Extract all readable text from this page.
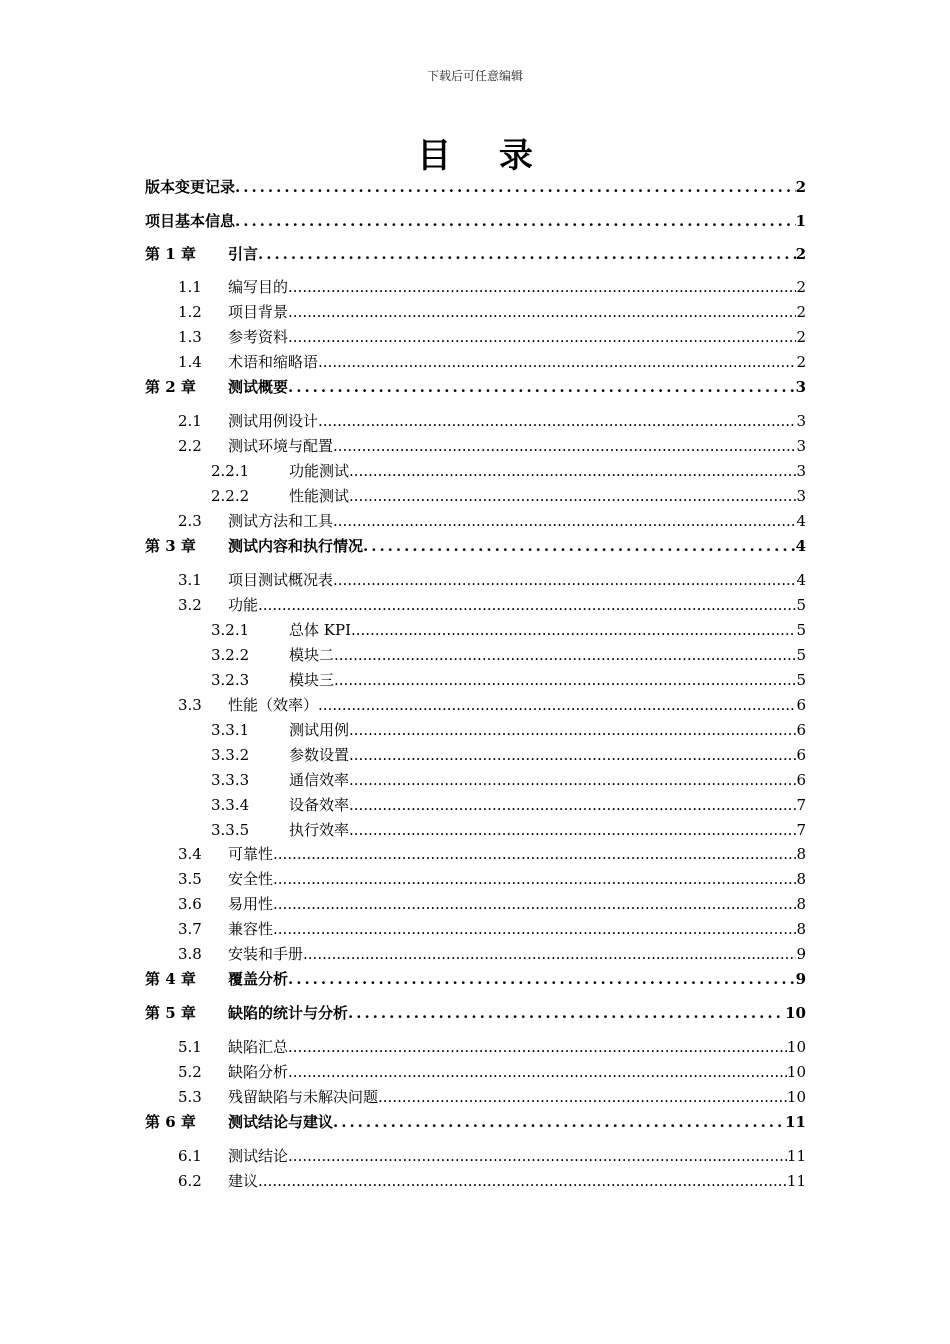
下载后可任意编辑
目 录
版本变更记录 .....	2
项目基本信息 .....	1
第 1 章	引言 .....	2
1.1	编写目的 .....	2
1.2	项目背景 .....	2
1.3	参考资料 .....	2
1.4	术语和缩略语 .....	2
第 2 章	测试概要 .....	3
2.1	测试用例设计 .....	3
2.2	测试环境与配置 .....	3
2.2.1	功能测试 .....	3
2.2.2	性能测试 .....	3
2.3	测试方法和工具 .....	4
第 3 章	测试内容和执行情况 .....	4
3.1	项目测试概况表 .....	4
3.2	功能 .....	5
3.2.1	总体 KPI .....	5
3.2.2	模块二 .....	5
3.2.3	模块三 .....	5
3.3	性能（效率） .....	6
3.3.1	测试用例 .....	6
3.3.2	参数设置 .....	6
3.3.3	通信效率 .....	6
3.3.4	设备效率 .....	7
3.3.5	执行效率 .....	7
3.4	可靠性 .....	8
3.5	安全性 .....	8
3.6	易用性 .....	8
3.7	兼容性 .....	8
3.8	安装和手册 .....	9
第 4 章	覆盖分析 .....	9
第 5 章	缺陷的统计与分析 .....	10
5.1	缺陷汇总 .....	10
5.2	缺陷分析 .....	10
5.3	残留缺陷与未解决问题 .....	10
第 6 章	测试结论与建议 .....	11
6.1	测试结论 .....	11
6.2	建议 .....	11
